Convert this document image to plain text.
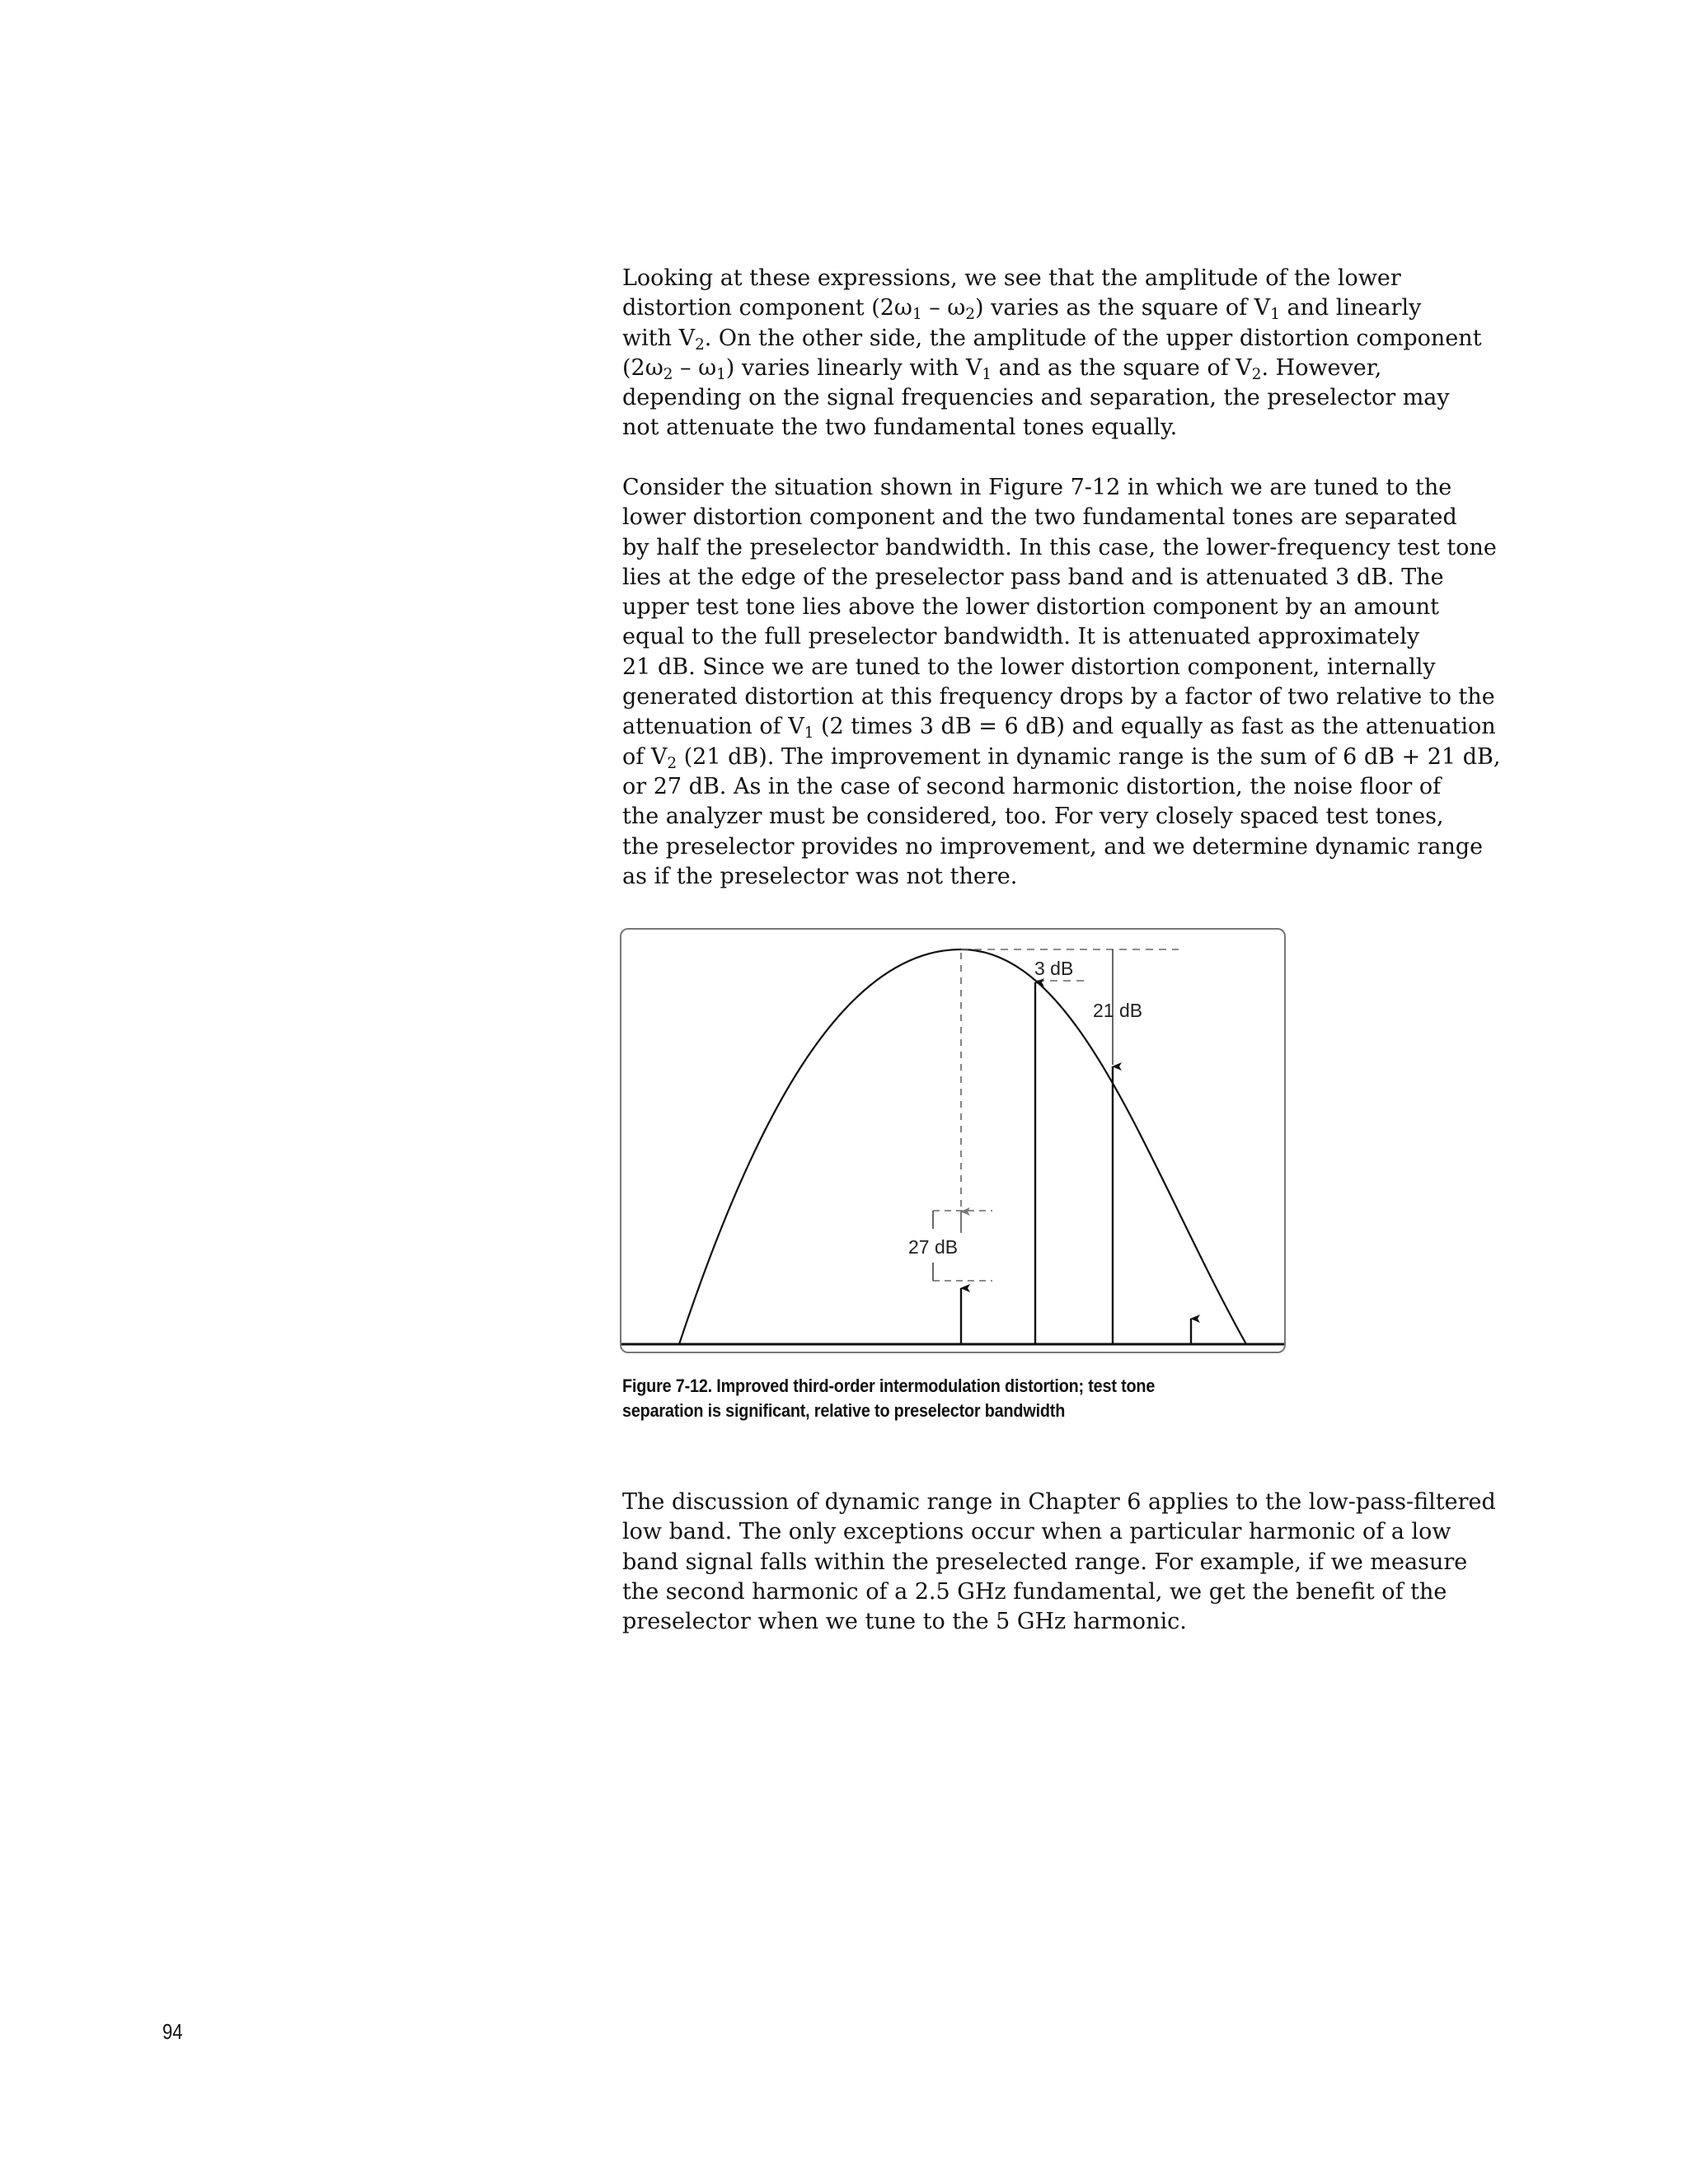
Looking at these expressions, we see that the amplitude of the lower
distortion component $(2\omega_1 - \omega_2)$ varies as the square of $V_1$ and linearly
with $V_2$. On the other side, the amplitude of the upper distortion component
$(2\omega_2 - \omega_1)$ varies linearly with $V_1$ and as the square of $V_2$. However,
depending on the signal frequencies and separation, the preselector may
not attenuate the two fundamental tones equally.
Consider the situation shown in Figure 7-12 in which we are tuned to the
lower distortion component and the two fundamental tones are separated
by half the preselector bandwidth. In this case, the lower-frequency test tone
lies at the edge of the preselector pass band and is attenuated 3 dB. The
upper test tone lies above the lower distortion component by an amount
equal to the full preselector bandwidth. It is attenuated approximately
21 dB. Since we are tuned to the lower distortion component, internally
generated distortion at this frequency drops by a factor of two relative to the
attenuation of $V_1$ (2 times 3 dB = 6 dB) and equally as fast as the attenuation
of $V_2$ (21 dB). The improvement in dynamic range is the sum of 6 dB + 21 dB,
or 27 dB. As in the case of second harmonic distortion, the noise floor of
the analyzer must be considered, too. For very closely spaced test tones,
the preselector provides no improvement, and we determine dynamic range
as if the preselector was not there.
3 dB
21 dB
27 dB
Figure 7-12. Improved third-order intermodulation distortion; test tone
separation is significant, relative to preselector bandwidth
The discussion of dynamic range in Chapter 6 applies to the low-pass-filtered
low band. The only exceptions occur when a particular harmonic of a low
band signal falls within the preselected range. For example, if we measure
the second harmonic of a 2.5 GHz fundamental, we get the benefit of the
preselector when we tune to the 5 GHz harmonic.
94
